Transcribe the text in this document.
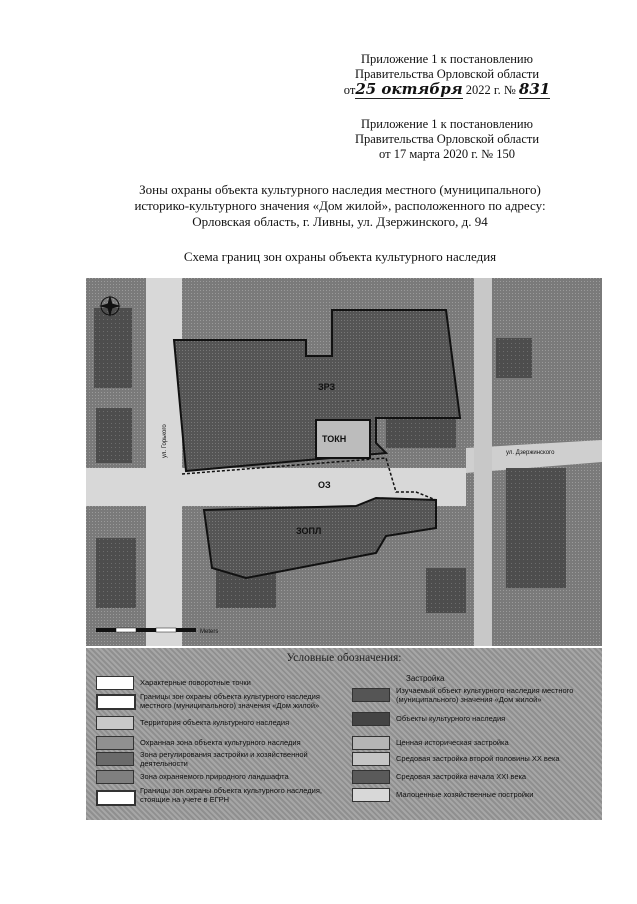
Приложение 1 к постановлению
Правительства Орловской области
от25 октября 2022 г. № 831
Приложение 1 к постановлению
Правительства Орловской области
от 17 марта 2020 г. № 150
Зоны охраны объекта культурного наследия местного (муниципального)
историко-культурного значения «Дом жилой», расположенного по адресу:
Орловская область, г. Ливны, ул. Дзержинского, д. 94
Схема границ зон охраны объекта культурного наследия
ЗРЗ
ТОКН
ОЗ
ЗОПЛ
ул. Дзержинского
ул. Горького
Meters
Условные обозначения:
Характерные поворотные точки
Границы зон охраны объекта культурного наследия местного (муниципального) значения «Дом жилой»
Территория объекта культурного наследия
Охранная зона объекта культурного наследия
Зона регулирования застройки и хозяйственной деятельности
Зона охраняемого природного ландшафта
Границы зон охраны объекта культурного наследия, стоящие на учете в ЕГРН
Застройка
Изучаемый объект культурного наследия местного (муниципального) значения «Дом жилой»
Объекты культурного наследия
Ценная историческая застройка
Средовая застройка второй половины XX века
Средовая застройка начала XXI века
Малоценные хозяйственные постройки
